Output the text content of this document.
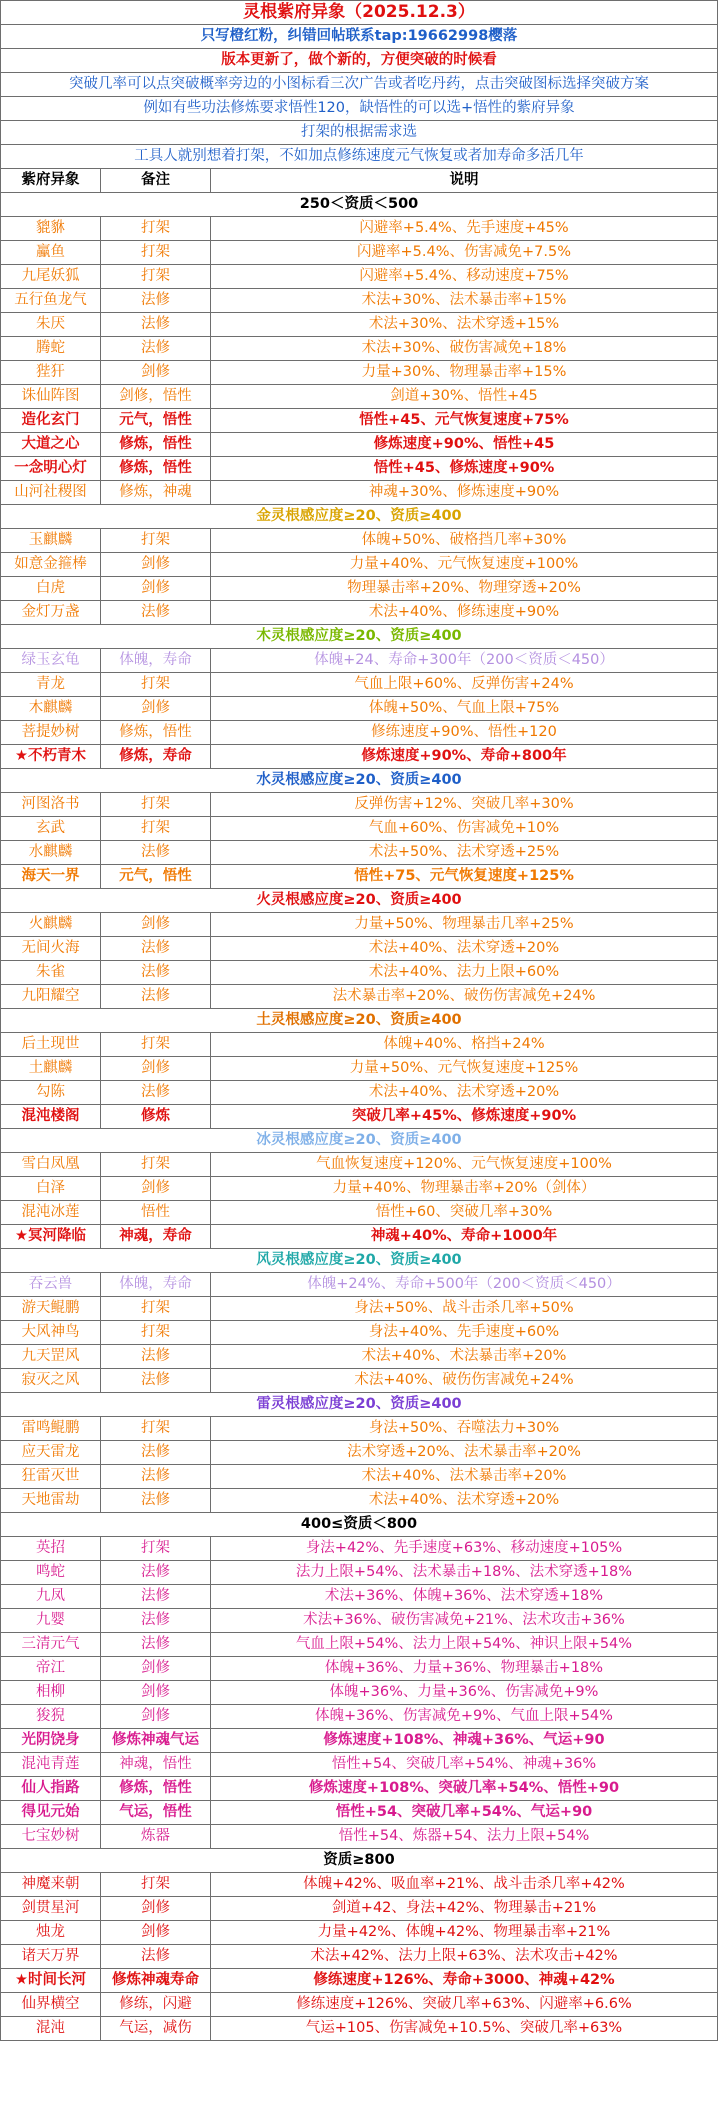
灵根紫府异象（2025.12.3）		
只写橙红粉，纠错回帖联系tap:19662998樱落		
版本更新了，做个新的，方便突破的时候看		
突破几率可以点突破概率旁边的小图标看三次广告或者吃丹药，点击突破图标选择突破方案		
例如有些功法修炼要求悟性120，缺悟性的可以选+悟性的紫府异象		
打架的根据需求选		
工具人就别想着打架，不如加点修练速度元气恢复或者加寿命多活几年		
紫府异象	备注	说明
250＜资质＜500		
貔貅	打架	闪避率+5.4%、先手速度+45%
鸁鱼	打架	闪避率+5.4%、伤害减免+7.5%
九尾妖狐	打架	闪避率+5.4%、移动速度+75%
五行鱼龙气	法修	术法+30%、法术暴击率+15%
朱厌	法修	术法+30%、法术穿透+15%
腾蛇	法修	术法+30%、破伤害减免+18%
狴犴	剑修	力量+30%、物理暴击率+15%
诛仙阵图	剑修，悟性	剑道+30%、悟性+45
造化玄门	元气，悟性	悟性+45、元气恢复速度+75%
大道之心	修炼，悟性	修炼速度+90%、悟性+45
一念明心灯	修炼，悟性	悟性+45、修炼速度+90%
山河社稷图	修炼，神魂	神魂+30%、修炼速度+90%
金灵根感应度≥20、资质≥400		
玉麒麟	打架	体魄+50%、破格挡几率+30%
如意金箍棒	剑修	力量+40%、元气恢复速度+100%
白虎	剑修	物理暴击率+20%、物理穿透+20%
金灯万盏	法修	术法+40%、修练速度+90%
木灵根感应度≥20、资质≥400		
绿玉玄龟	体魄，寿命	体魄+24、寿命+300年（200＜资质＜450）
青龙	打架	气血上限+60%、反弹伤害+24%
木麒麟	剑修	体魄+50%、气血上限+75%
菩提妙树	修炼，悟性	修练速度+90%、悟性+120
★不朽青木	修炼，寿命	修炼速度+90%、寿命+800年
水灵根感应度≥20、资质≥400		
河图洛书	打架	反弹伤害+12%、突破几率+30%
玄武	打架	气血+60%、伤害减免+10%
水麒麟	法修	术法+50%、法术穿透+25%
海天一界	元气，悟性	悟性+75、元气恢复速度+125%
火灵根感应度≥20、资质≥400		
火麒麟	剑修	力量+50%、物理暴击几率+25%
无间火海	法修	术法+40%、法术穿透+20%
朱雀	法修	术法+40%、法力上限+60%
九阳耀空	法修	法术暴击率+20%、破伤伤害减免+24%
土灵根感应度≥20、资质≥400		
后土现世	打架	体魄+40%、格挡+24%
土麒麟	剑修	力量+50%、元气恢复速度+125%
勾陈	法修	术法+40%、法术穿透+20%
混沌楼阁	修炼	突破几率+45%、修炼速度+90%
冰灵根感应度≥20、资质≥400		
雪白凤凰	打架	气血恢复速度+120%、元气恢复速度+100%
白泽	剑修	力量+40%、物理暴击率+20%（剑体）
混沌冰莲	悟性	悟性+60、突破几率+30%
★冥河降临	神魂，寿命	神魂+40%、寿命+1000年
风灵根感应度≥20、资质≥400		
吞云兽	体魄，寿命	体魄+24%、寿命+500年（200＜资质＜450）
游天鲲鹏	打架	身法+50%、战斗击杀几率+50%
大风神鸟	打架	身法+40%、先手速度+60%
九天罡风	法修	术法+40%、术法暴击率+20%
寂灭之风	法修	术法+40%、破伤伤害减免+24%
雷灵根感应度≥20、资质≥400		
雷鸣鲲鹏	打架	身法+50%、吞噬法力+30%
应天雷龙	法修	法术穿透+20%、法术暴击率+20%
狂雷灭世	法修	术法+40%、法术暴击率+20%
天地雷劫	法修	术法+40%、法术穿透+20%
400≤资质＜800		
英招	打架	身法+42%、先手速度+63%、移动速度+105%
鸣蛇	法修	法力上限+54%、法术暴击+18%、法术穿透+18%
九凤	法修	术法+36%、体魄+36%、法术穿透+18%
九婴	法修	术法+36%、破伤害减免+21%、法术攻击+36%
三清元气	法修	气血上限+54%、法力上限+54%、神识上限+54%
帝江	剑修	体魄+36%、力量+36%、物理暴击+18%
相柳	剑修	体魄+36%、力量+36%、伤害减免+9%
狻猊	剑修	体魄+36%、伤害减免+9%、气血上限+54%
光阴饶身	修炼神魂气运	修炼速度+108%、神魂+36%、气运+90
混沌青莲	神魂，悟性	悟性+54、突破几率+54%、神魂+36%
仙人指路	修炼，悟性	修炼速度+108%、突破几率+54%、悟性+90
得见元始	气运，悟性	悟性+54、突破几率+54%、气运+90
七宝妙树	炼器	悟性+54、炼器+54、法力上限+54%
资质≥800		
神魔来朝	打架	体魄+42%、吸血率+21%、战斗击杀几率+42%
剑贯星河	剑修	剑道+42、身法+42%、物理暴击+21%
烛龙	剑修	力量+42%、体魄+42%、物理暴击率+21%
诸天万界	法修	术法+42%、法力上限+63%、法术攻击+42%
★时间长河	修炼神魂寿命	修练速度+126%、寿命+3000、神魂+42%
仙界横空	修练，闪避	修练速度+126%、突破几率+63%、闪避率+6.6%
混沌	气运，减伤	气运+105、伤害减免+10.5%、突破几率+63%
